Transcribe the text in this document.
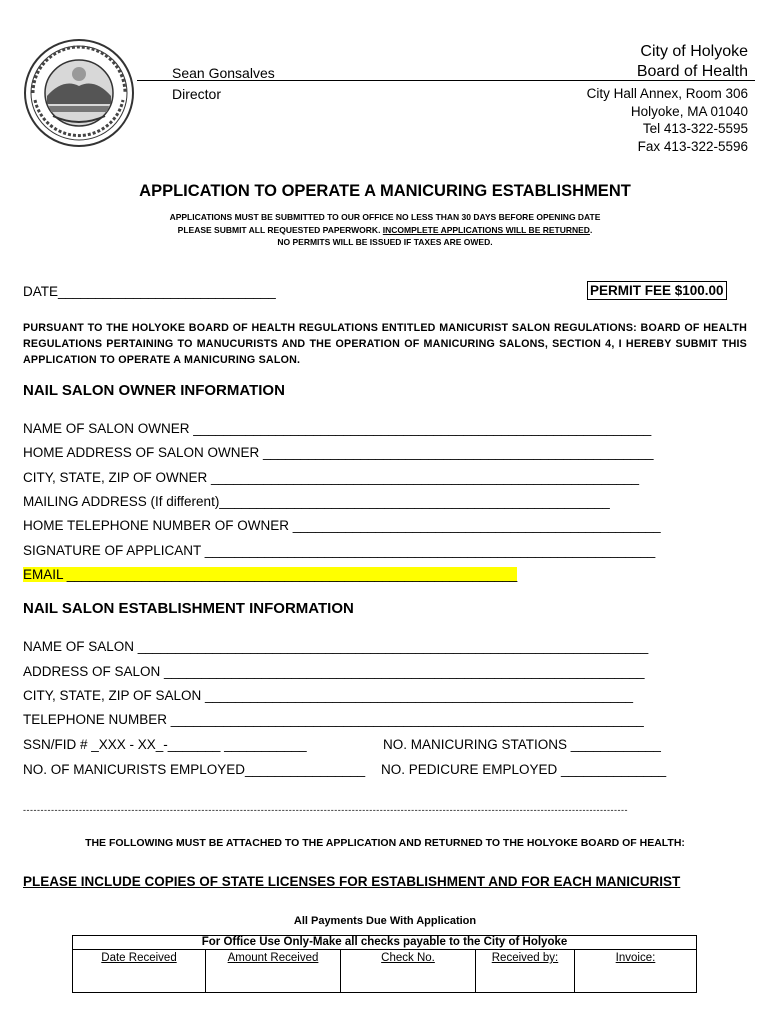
Sean Gonsalves
Director
City of Holyoke
Board of Health
City Hall Annex, Room 306
Holyoke, MA 01040
Tel 413-322-5595
Fax 413-322-5596
APPLICATION TO OPERATE A MANICURING ESTABLISHMENT
APPLICATIONS MUST BE SUBMITTED TO OUR OFFICE NO LESS THAN 30 DAYS BEFORE OPENING DATE
PLEASE SUBMIT ALL REQUESTED PAPERWORK. INCOMPLETE APPLICATIONS WILL BE RETURNED.
NO PERMITS WILL BE ISSUED IF TAXES ARE OWED.
DATE_____________________________	PERMIT FEE $100.00
PURSUANT TO THE HOLYOKE BOARD OF HEALTH REGULATIONS ENTITLED MANICURIST SALON REGULATIONS: BOARD OF HEALTH REGULATIONS PERTAINING TO MANUCURISTS AND THE OPERATION OF MANICURING SALONS, SECTION 4, I HEREBY SUBMIT THIS APPLICATION TO OPERATE A MANICURING SALON.
NAIL SALON OWNER INFORMATION
NAME OF SALON OWNER _____________________________________________________________
HOME ADDRESS OF SALON OWNER ____________________________________________________
CITY, STATE, ZIP OF OWNER _________________________________________________________
MAILING ADDRESS (If different)____________________________________________________
HOME TELEPHONE NUMBER OF OWNER _________________________________________________
SIGNATURE OF APPLICANT ____________________________________________________________
EMAIL ____________________________________________________________
NAIL SALON ESTABLISHMENT INFORMATION
NAME OF SALON ____________________________________________________________________
ADDRESS OF SALON ________________________________________________________________
CITY, STATE, ZIP OF SALON _________________________________________________________
TELEPHONE NUMBER _______________________________________________________________
SSN/FID # _XXX - XX_-_______ ___________	NO. MANICURING STATIONS ____________
NO. OF MANICURISTS EMPLOYED________________ NO. PEDICURE EMPLOYED ______________
-----------------------------------------------------------------------------------------------------------------------------------------------------------------------------
THE FOLLOWING MUST BE ATTACHED TO THE APPLICATION AND RETURNED TO THE HOLYOKE BOARD OF HEALTH:
PLEASE INCLUDE COPIES OF STATE LICENSES FOR ESTABLISHMENT AND FOR EACH MANICURIST
All Payments Due With Application
For Office Use Only-Make all checks payable to the City of Holyoke
Date Received	Amount Received	Check No.	Received by:	Invoice:
